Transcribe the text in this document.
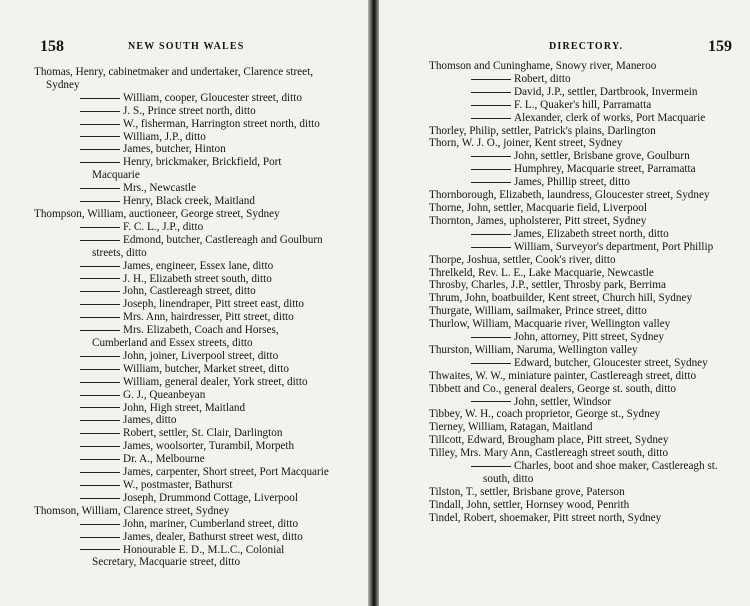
158	NEW SOUTH WALES
Thomas, Henry, cabinetmaker and undertaker, Clarence street, Sydney
William, cooper, Gloucester street, ditto
J. S., Prince street north, ditto
W., fisherman, Harrington street north, ditto
William, J.P., ditto
James, butcher, Hinton
Henry, brickmaker, Brickfield, Port Macquarie
Mrs., Newcastle
Henry, Black creek, Maitland
Thompson, William, auctioneer, George street, Sydney
F. C. L., J.P., ditto
Edmond, butcher, Castlereagh and Goulburn streets, ditto
James, engineer, Essex lane, ditto
J. H., Elizabeth street south, ditto
John, Castlereagh street, ditto
Joseph, linendraper, Pitt street east, ditto
Mrs. Ann, hairdresser, Pitt street, ditto
Mrs. Elizabeth, Coach and Horses, Cumberland and Essex streets, ditto
John, joiner, Liverpool street, ditto
William, butcher, Market street, ditto
William, general dealer, York street, ditto
G. J., Queanbeyan
John, High street, Maitland
James, ditto
Robert, settler, St. Clair, Darlington
James, woolsorter, Turambil, Morpeth
Dr. A., Melbourne
James, carpenter, Short street, Port Macquarie
W., postmaster, Bathurst
Joseph, Drummond Cottage, Liverpool
Thomson, William, Clarence street, Sydney
John, mariner, Cumberland street, ditto
James, dealer, Bathurst street west, ditto
Honourable E. D., M.L.C., Colonial Secretary, Macquarie street, ditto
DIRECTORY.	159
Thomson and Cuninghame, Snowy river, Maneroo
Robert, ditto
David, J.P., settler, Dartbrook, Invermein
F. L., Quaker's hill, Parramatta
Alexander, clerk of works, Port Macquarie
Thorley, Philip, settler, Patrick's plains, Darlington
Thorn, W. J. O., joiner, Kent street, Sydney
John, settler, Brisbane grove, Goulburn
Humphrey, Macquarie street, Parramatta
James, Phillip street, ditto
Thornborough, Elizabeth, laundress, Gloucester street, Sydney
Thorne, John, settler, Macquarie field, Liverpool
Thornton, James, upholsterer, Pitt street, Sydney
James, Elizabeth street north, ditto
William, Surveyor's department, Port Phillip
Thorpe, Joshua, settler, Cook's river, ditto
Threlkeld, Rev. L. E., Lake Macquarie, Newcastle
Throsby, Charles, J.P., settler, Throsby park, Berrima
Thrum, John, boatbuilder, Kent street, Church hill, Sydney
Thurgate, William, sailmaker, Prince street, ditto
Thurlow, William, Macquarie river, Wellington valley
John, attorney, Pitt street, Sydney
Thurston, William, Naruma, Wellington valley
Edward, butcher, Gloucester street, Sydney
Thwaites, W. W., miniature painter, Castlereagh street, ditto
Tibbett and Co., general dealers, George st. south, ditto
John, settler, Windsor
Tibbey, W. H., coach proprietor, George st., Sydney
Tierney, William, Ratagan, Maitland
Tillcott, Edward, Brougham place, Pitt street, Sydney
Tilley, Mrs. Mary Ann, Castlereagh street south, ditto
Charles, boot and shoe maker, Castlereagh st. south, ditto
Tilston, T., settler, Brisbane grove, Paterson
Tindall, John, settler, Hornsey wood, Penrith
Tindel, Robert, shoemaker, Pitt street north, Sydney
